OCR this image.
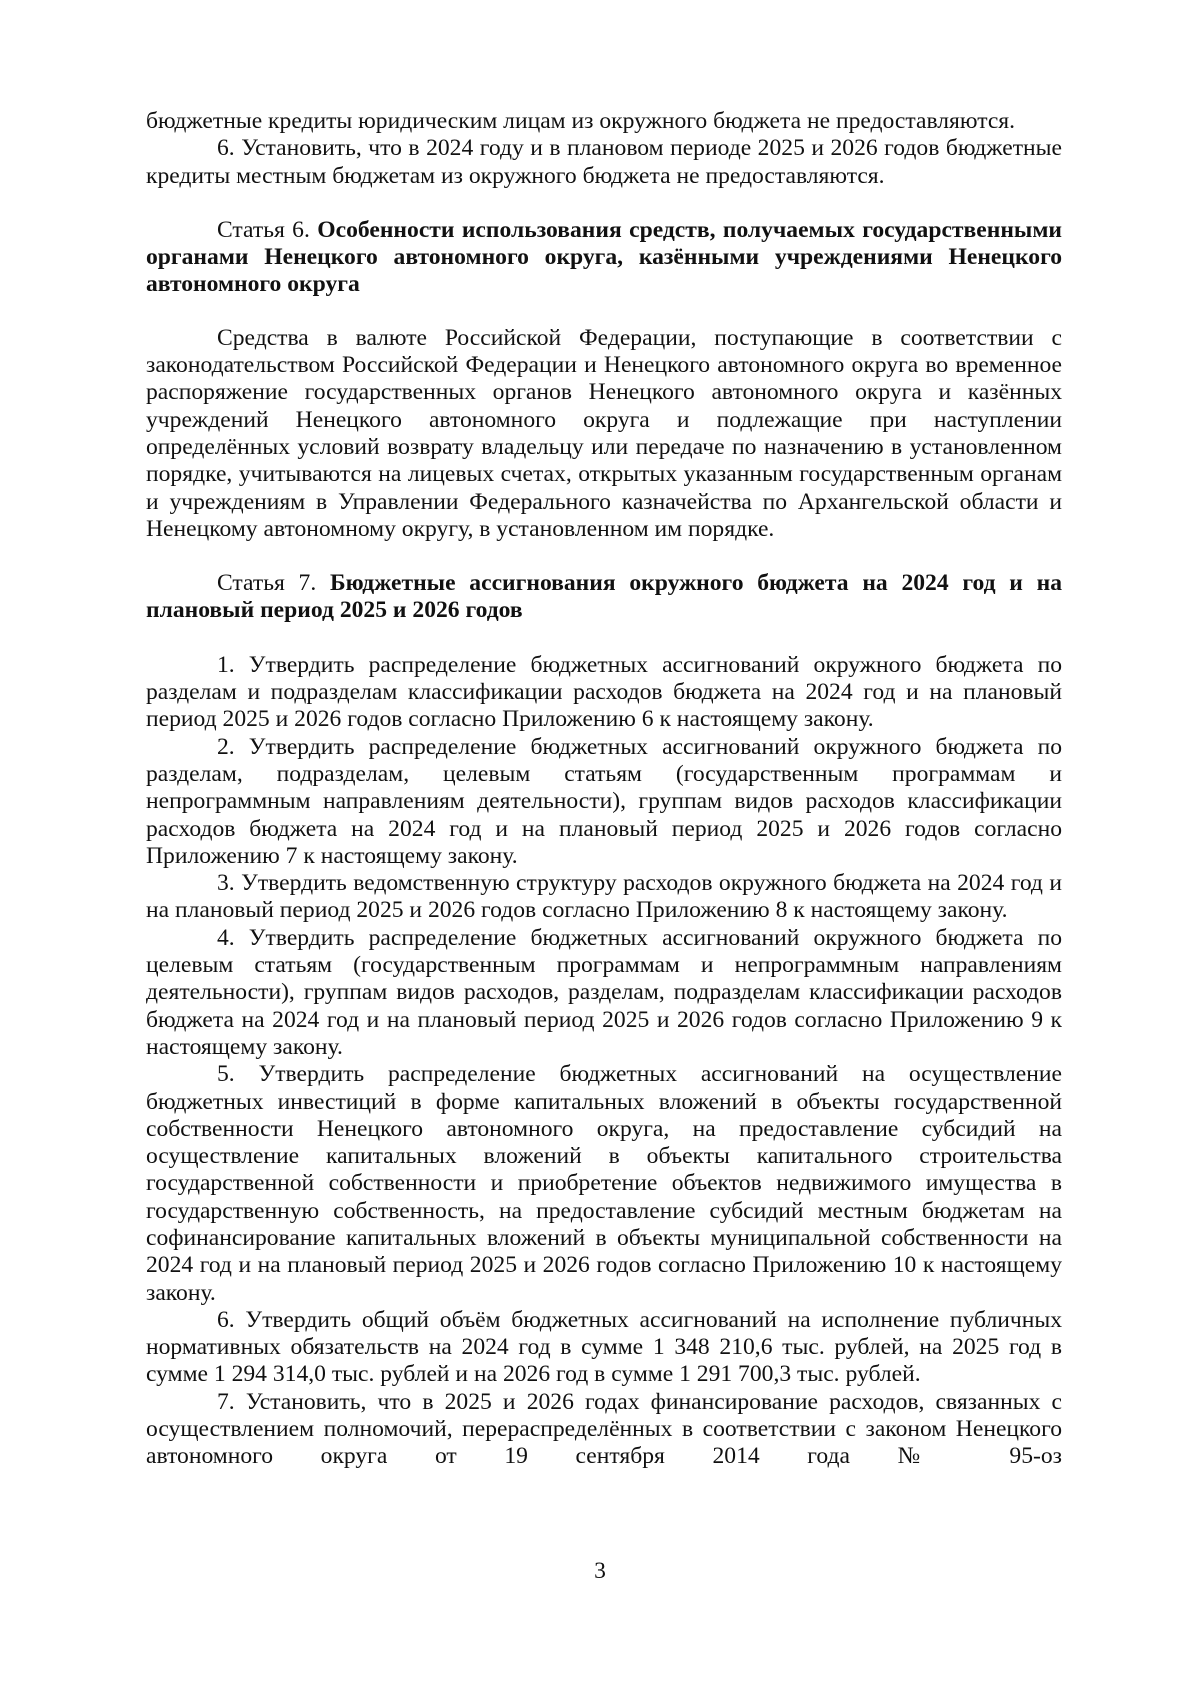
бюджетные кредиты юридическим лицам из окружного бюджета не предоставляются.

6. Установить, что в 2024 году и в плановом периоде 2025 и 2026 годов бюджетные кредиты местным бюджетам из окружного бюджета не предоставляются.

Статья 6. Особенности использования средств, получаемых государственными органами Ненецкого автономного округа, казёнными учреждениями Ненецкого автономного округа

Средства в валюте Российской Федерации, поступающие в соответствии с законодательством Российской Федерации и Ненецкого автономного округа во временное распоряжение государственных органов Ненецкого автономного округа и казённых учреждений Ненецкого автономного округа и подлежащие при наступлении определённых условий возврату владельцу или передаче по назначению в установленном порядке, учитываются на лицевых счетах, открытых указанным государственным органам и учреждениям в Управлении Федерального казначейства по Архангельской области и Ненецкому автономному округу, в установленном им порядке.

Статья 7. Бюджетные ассигнования окружного бюджета на 2024 год и на плановый период 2025 и 2026 годов

1. Утвердить распределение бюджетных ассигнований окружного бюджета по разделам и подразделам классификации расходов бюджета на 2024 год и на плановый период 2025 и 2026 годов согласно Приложению 6 к настоящему закону.

2. Утвердить распределение бюджетных ассигнований окружного бюджета по разделам, подразделам, целевым статьям (государственным программам и непрограммным направлениям деятельности), группам видов расходов классификации расходов бюджета на 2024 год и на плановый период 2025 и 2026 годов согласно Приложению 7 к настоящему закону.

3. Утвердить ведомственную структуру расходов окружного бюджета на 2024 год и на плановый период 2025 и 2026 годов согласно Приложению 8 к настоящему закону.

4. Утвердить распределение бюджетных ассигнований окружного бюджета по целевым статьям (государственным программам и непрограммным направлениям деятельности), группам видов расходов, разделам, подразделам классификации расходов бюджета на 2024 год и на плановый период 2025 и 2026 годов согласно Приложению 9 к настоящему закону.

5. Утвердить распределение бюджетных ассигнований на осуществление бюджетных инвестиций в форме капитальных вложений в объекты государственной собственности Ненецкого автономного округа, на предоставление субсидий на осуществление капитальных вложений в объекты капитального строительства государственной собственности и приобретение объектов недвижимого имущества в государственную собственность, на предоставление субсидий местным бюджетам на софинансирование капитальных вложений в объекты муниципальной собственности на 2024 год и на плановый период 2025 и 2026 годов согласно Приложению 10 к настоящему закону.

6. Утвердить общий объём бюджетных ассигнований на исполнение публичных нормативных обязательств на 2024 год в сумме 1 348 210,6 тыс. рублей, на 2025 год в сумме 1 294 314,0 тыс. рублей и на 2026 год в сумме 1 291 700,3 тыс. рублей.

7. Установить, что в 2025 и 2026 годах финансирование расходов, связанных с осуществлением полномочий, перераспределённых в соответствии с законом Ненецкого автономного округа от 19 сентября 2014 года № 95-оз

3
